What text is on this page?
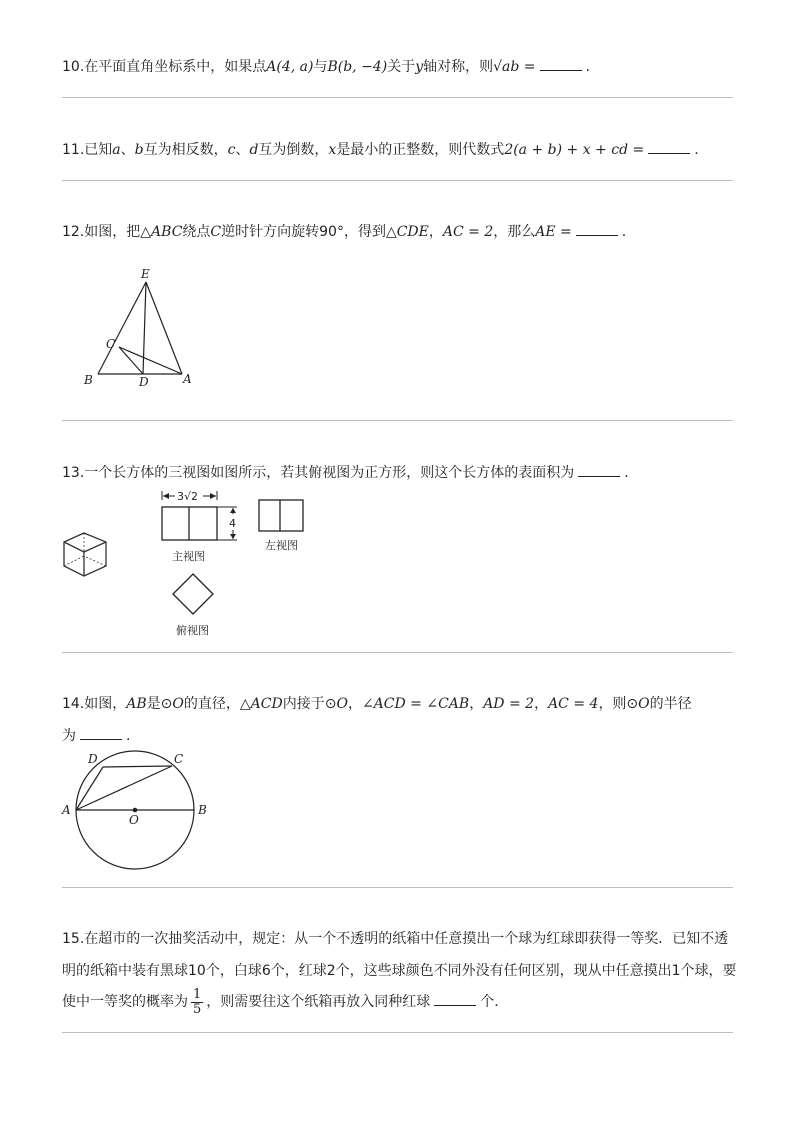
10.在平面直角坐标系中，如果点A(4, a)与B(b, −4)关于y轴对称，则√ab =	.
11.已知a、b互为相反数，c、d互为倒数，x是最小的正整数，则代数式2(a + b) + x + cd =	.
12.如图，把△ABC绕点C逆时针方向旋转90°，得到△CDE，AC = 2，那么AE =	.
E
C
B	D	A
13.一个长方体的三视图如图所示，若其俯视图为正方形，则这个长方体的表面积为	.
3√2
4
主视图
左视图
俯视图
14.如图，AB是⊙O的直径，△ACD内接于⊙O，∠ACD = ∠CAB，AD = 2，AC = 4，则⊙O的半径
为	.
D	C
A
O
B
15.在超市的一次抽奖活动中，规定：从一个不透明的纸箱中任意摸出一个球为红球即获得一等奖．已知不透
明的纸箱中装有黑球10个，白球6个，红球2个，这些球颜色不同外没有任何区别，现从中任意摸出1个球，要
使中一等奖的概率为 $\frac{1}{5}$ ，则需要往这个纸箱再放入同种红球	个.
